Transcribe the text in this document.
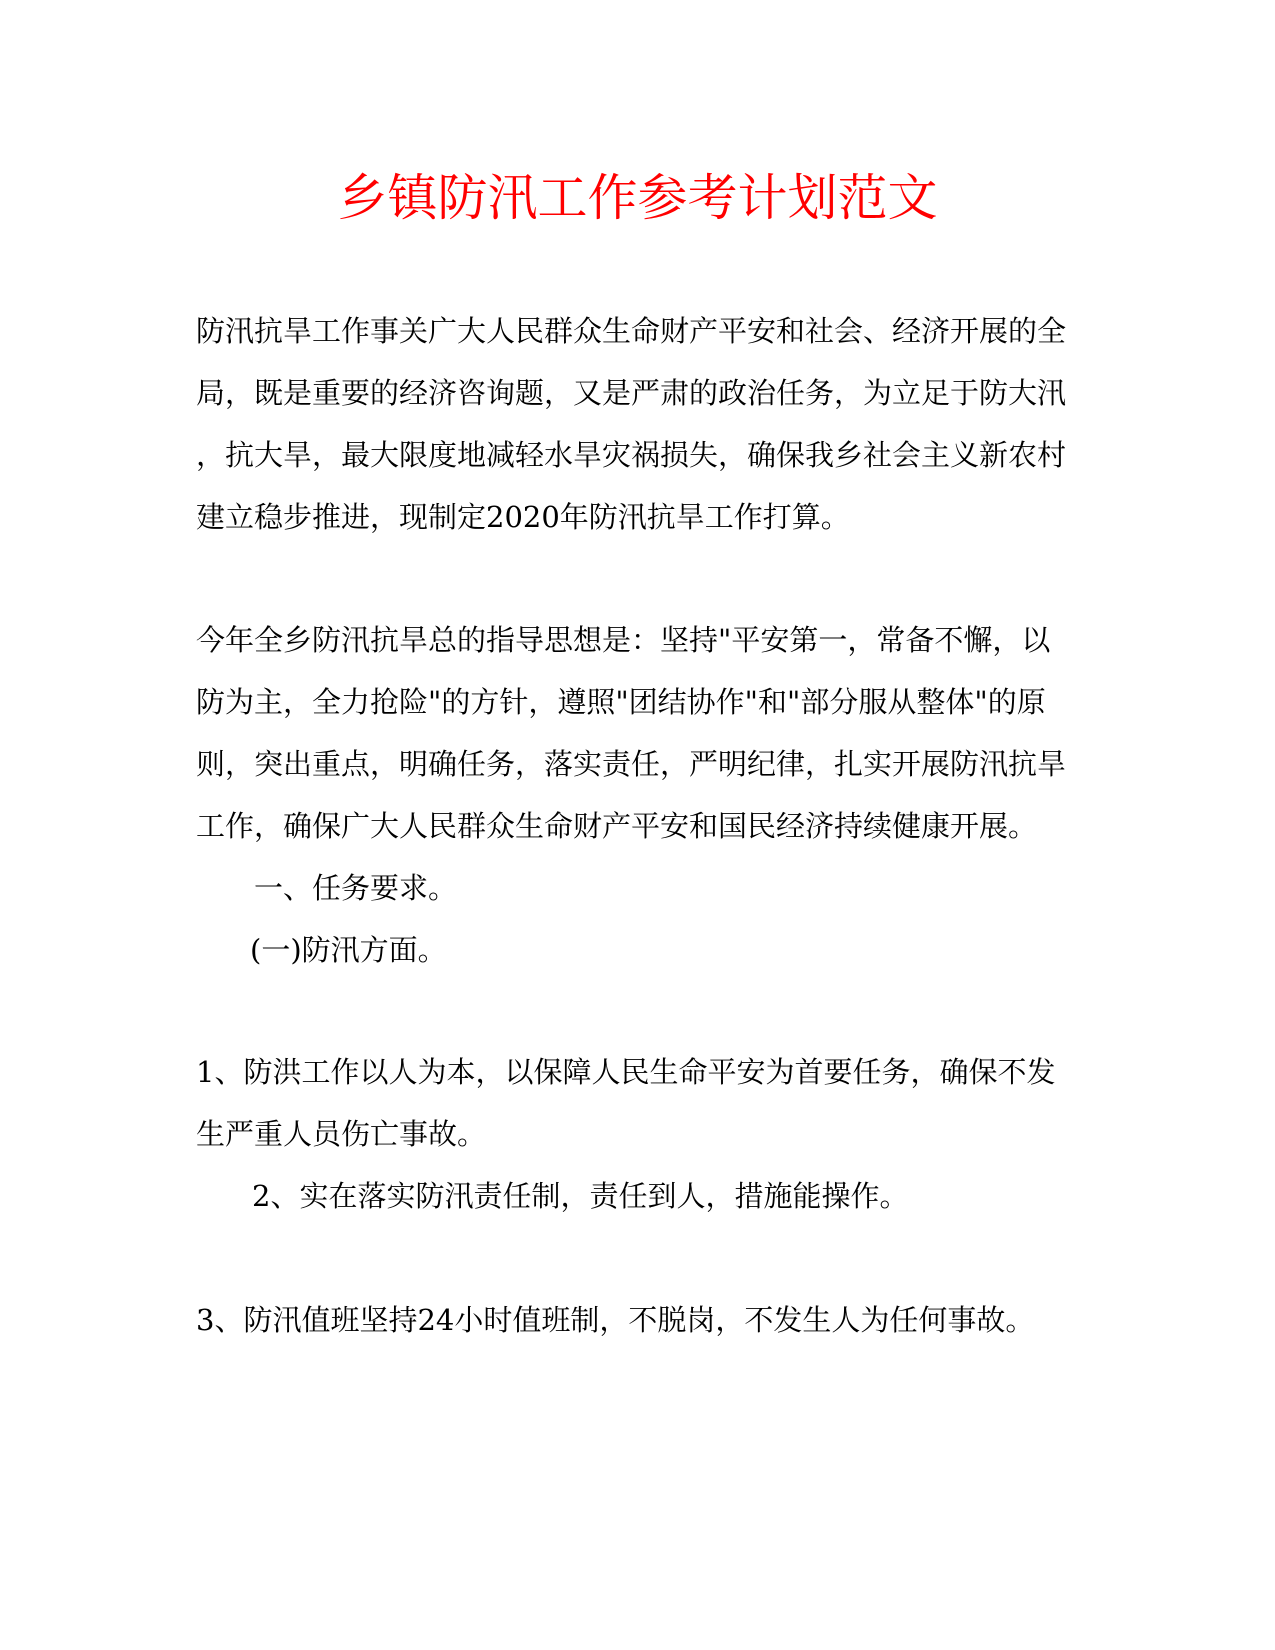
乡镇防汛工作参考计划范文

防汛抗旱工作事关广大人民群众生命财产平安和社会、经济开展的全

局，既是重要的经济咨询题，又是严肃的政治任务，为立足于防大汛

，抗大旱，最大限度地减轻水旱灾祸损失，确保我乡社会主义新农村

建立稳步推进，现制定2020年防汛抗旱工作打算。

今年全乡防汛抗旱总的指导思想是：坚持"平安第一，常备不懈，以

防为主，全力抢险"的方针，遵照"团结协作"和"部分服从整体"的原

则，突出重点，明确任务，落实责任，严明纪律，扎实开展防汛抗旱

工作，确保广大人民群众生命财产平安和国民经济持续健康开展。

一、任务要求。

(一)防汛方面。

1、防洪工作以人为本，以保障人民生命平安为首要任务，确保不发

生严重人员伤亡事故。

2、实在落实防汛责任制，责任到人，措施能操作。

3、防汛值班坚持24小时值班制，不脱岗，不发生人为任何事故。
